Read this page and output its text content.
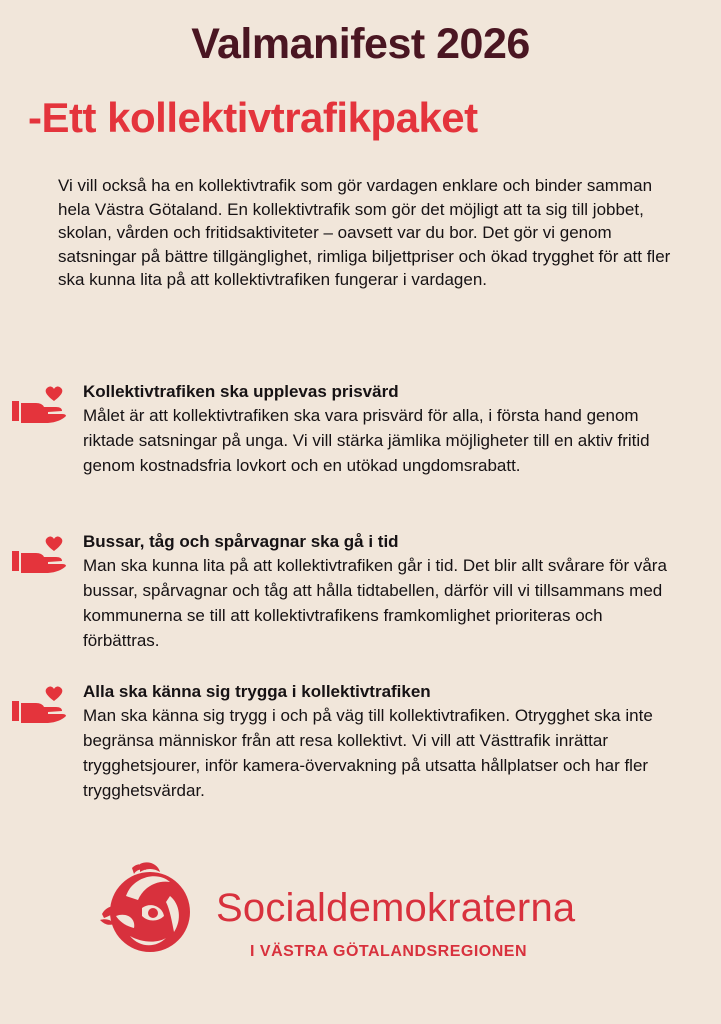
Valmanifest 2026
-Ett kollektivtrafikpaket

Vi vill också ha en kollektivtrafik som gör vardagen enklare och binder samman hela Västra Götaland. En kollektivtrafik som gör det möjligt att ta sig till jobbet, skolan, vården och fritidsaktiviteter – oavsett var du bor. Det gör vi genom satsningar på bättre tillgänglighet, rimliga biljettpriser och ökad trygghet för att fler ska kunna lita på att kollektivtrafiken fungerar i vardagen.

Kollektivtrafiken ska upplevas prisvärd

Målet är att kollektivtrafiken ska vara prisvärd för alla, i första hand genom riktade satsningar på unga. Vi vill stärka jämlika möjligheter till en aktiv fritid genom kostnadsfria lovkort och en utökad ungdomsrabatt.

Bussar, tåg och spårvagnar ska gå i tid

Man ska kunna lita på att kollektivtrafiken går i tid. Det blir allt svårare för våra bussar, spårvagnar och tåg att hålla tidtabellen, därför vill vi tillsammans med kommunerna se till att kollektivtrafikens framkomlighet prioriteras och förbättras.

Alla ska känna sig trygga i kollektivtrafiken

Man ska känna sig trygg i och på väg till kollektivtrafiken. Otrygghet ska inte begränsa människor från att resa kollektivt. Vi vill att Västtrafik inrättar trygghetsjourer, inför kamera-övervakning på utsatta hållplatser och har fler trygghetsvärdar.

Socialdemokraterna
I VÄSTRA GÖTALANDSREGIONEN
